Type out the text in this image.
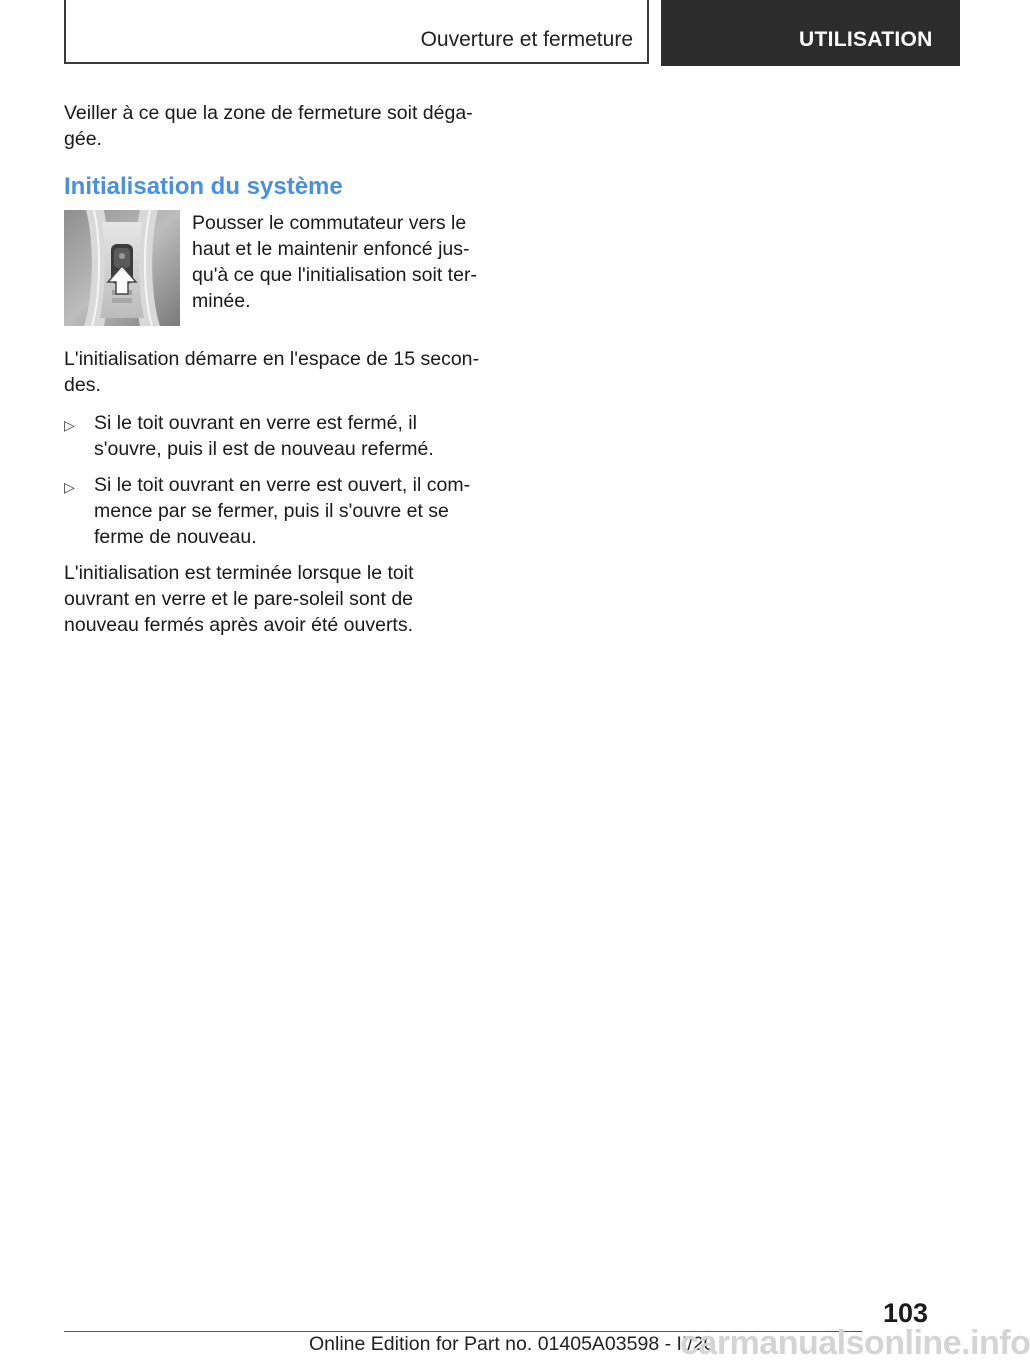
Ouverture et fermeture	UTILISATION

Veiller à ce que la zone de fermeture soit déga-gée.

Initialisation du système

Pousser le commutateur vers le haut et le maintenir enfoncé jus-qu'à ce que l'initialisation soit ter-minée.

L'initialisation démarre en l'espace de 15 secon-des.

▷ Si le toit ouvrant en verre est fermé, il s'ouvre, puis il est de nouveau refermé.
▷ Si le toit ouvrant en verre est ouvert, il com-mence par se fermer, puis il s'ouvre et se ferme de nouveau.

L'initialisation est terminée lorsque le toit ouvrant en verre et le pare-soleil sont de nouveau fermés après avoir été ouverts.

103
Online Edition for Part no. 01405A03598 - II/20
carmanualsonline.info
